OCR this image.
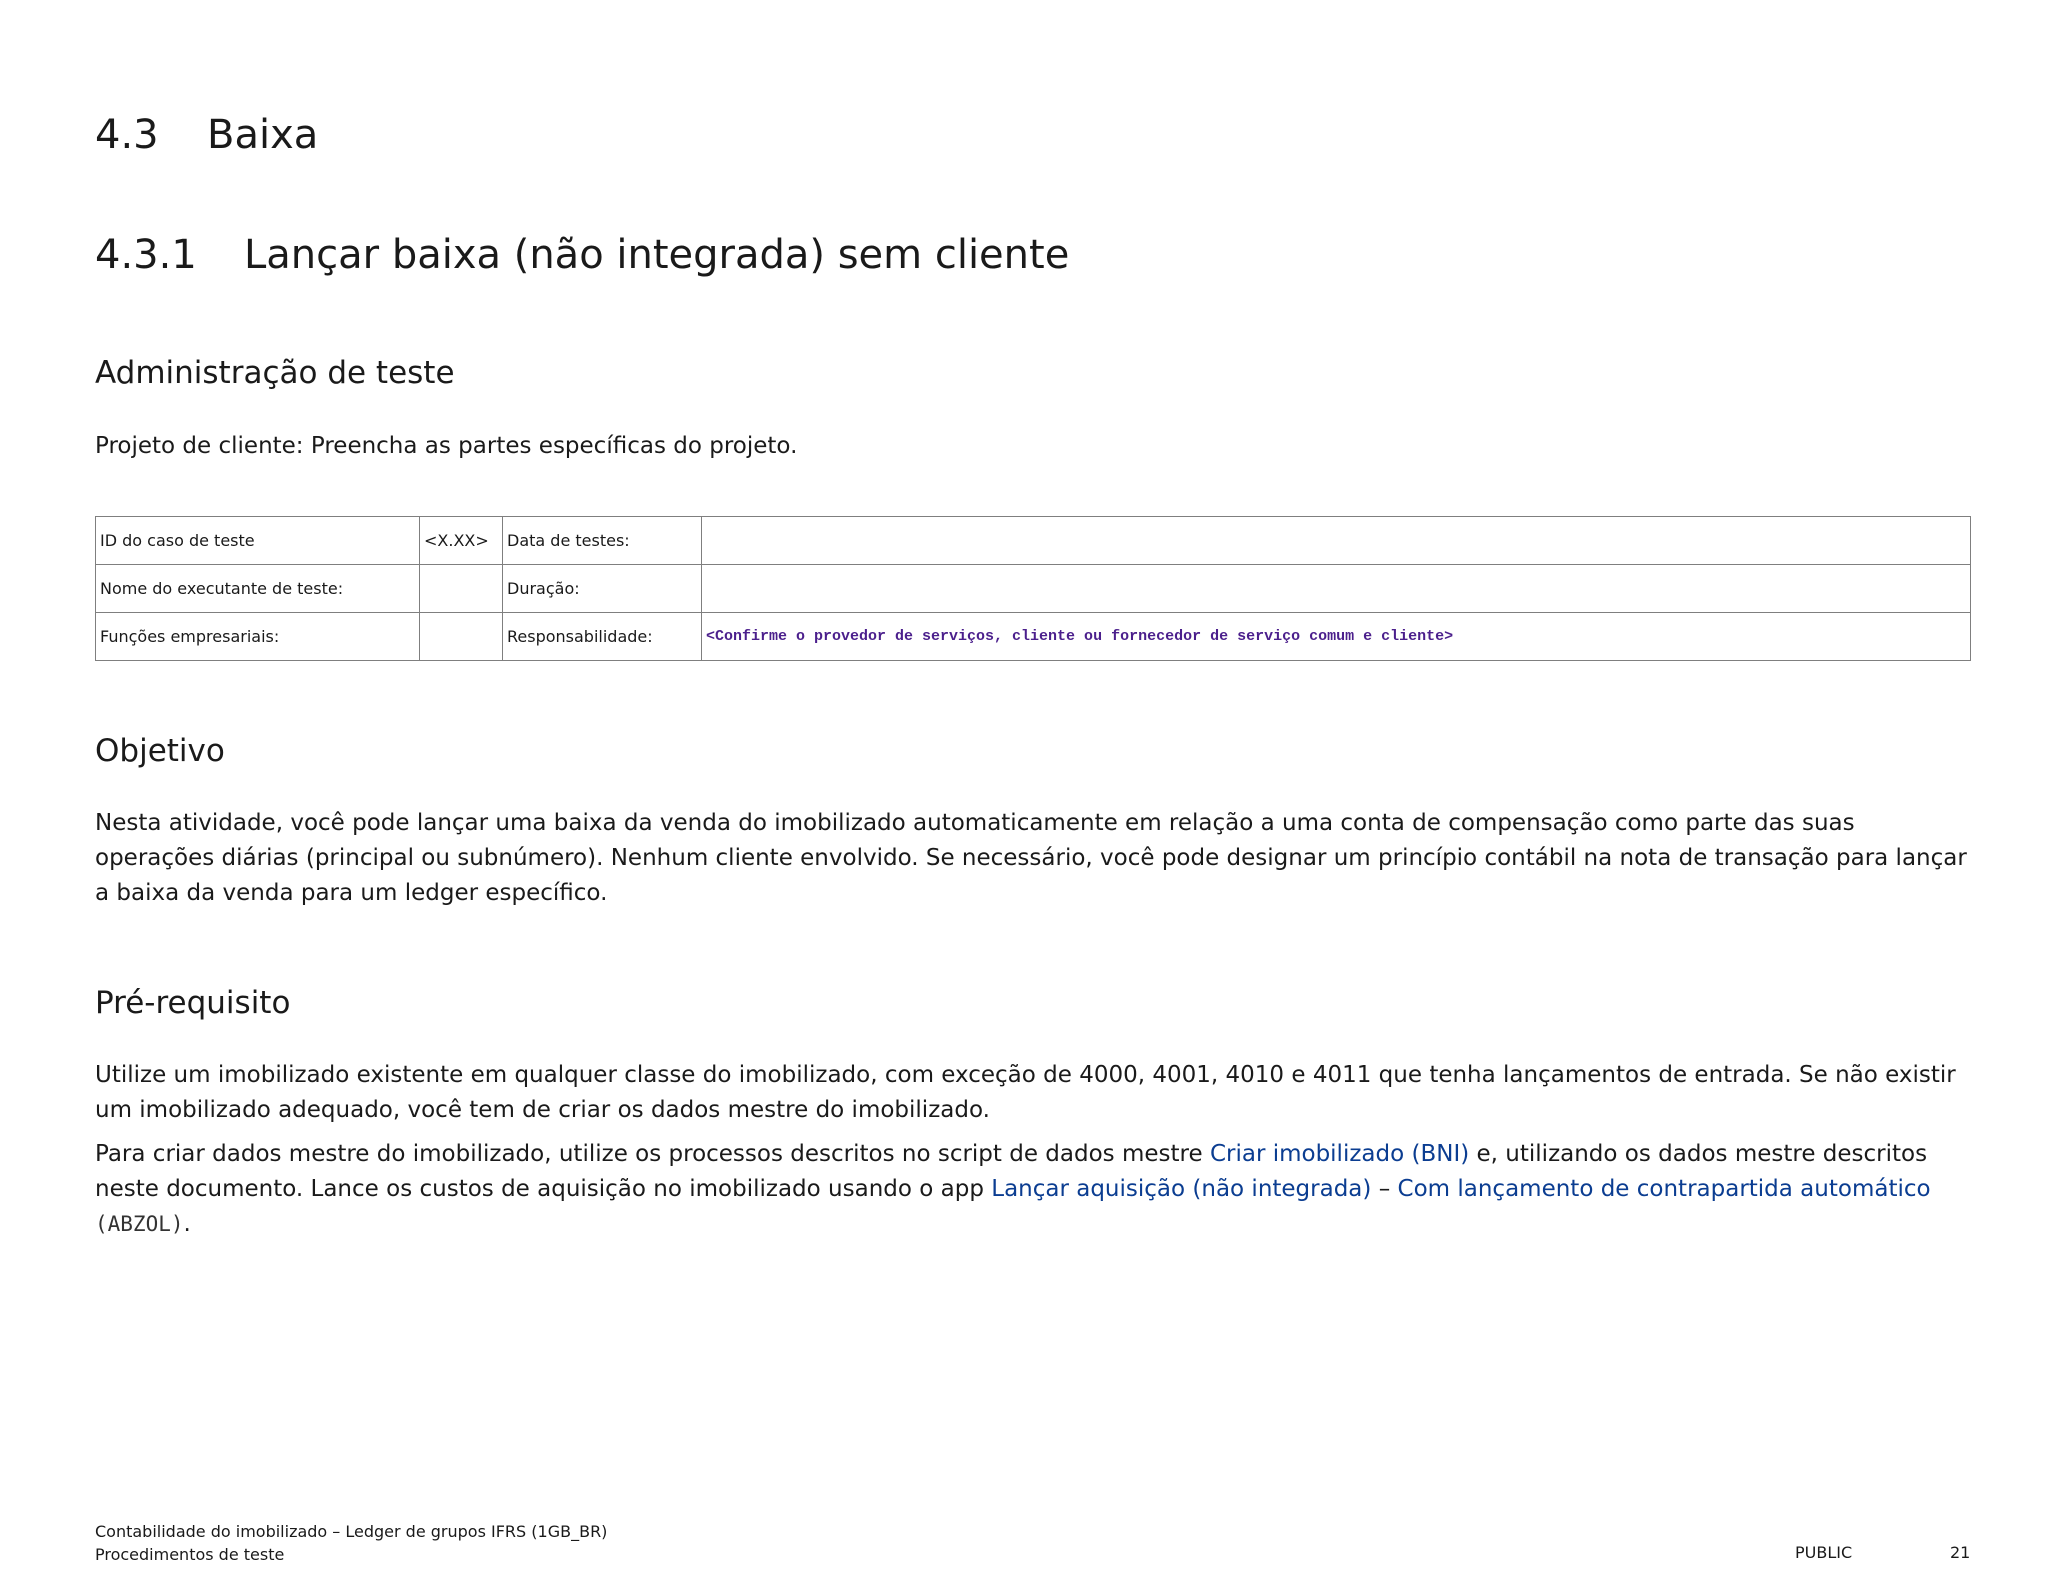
4.3 Baixa
4.3.1 Lançar baixa (não integrada) sem cliente
Administração de teste

Projeto de cliente: Preencha as partes específicas do projeto.

ID do caso de teste	<X.XX>	Data de testes:	
Nome do executante de teste:		Duração:	
Funções empresariais:		Responsabilidade:	<Confirme o provedor de serviços, cliente ou fornecedor de serviço comum e cliente>
Objetivo

Nesta atividade, você pode lançar uma baixa da venda do imobilizado automaticamente em relação a uma conta de compensação como parte das suas operações diárias (principal ou subnúmero). Nenhum cliente envolvido. Se necessário, você pode designar um princípio contábil na nota de transação para lançar a baixa da venda para um ledger específico.

Pré-requisito

Utilize um imobilizado existente em qualquer classe do imobilizado, com exceção de 4000, 4001, 4010 e 4011 que tenha lançamentos de entrada. Se não existir um imobilizado adequado, você tem de criar os dados mestre do imobilizado.

Para criar dados mestre do imobilizado, utilize os processos descritos no script de dados mestre Criar imobilizado (BNI) e, utilizando os dados mestre descritos neste documento. Lance os custos de aquisição no imobilizado usando o app Lançar aquisição (não integrada) – Com lançamento de contrapartida automático (ABZOL).

Contabilidade do imobilizado – Ledger de grupos IFRS (1GB_BR)
Procedimentos de teste	PUBLIC	21
